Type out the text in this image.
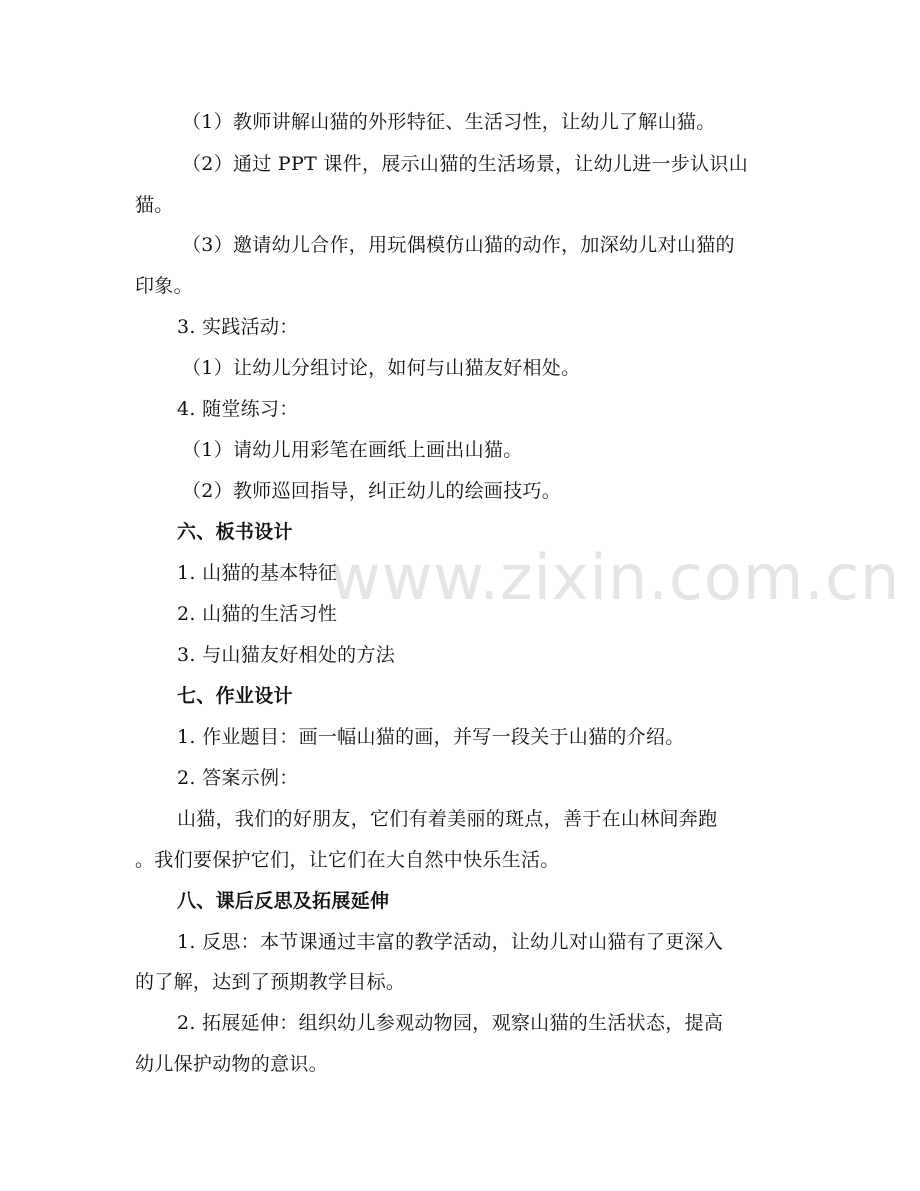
www.zixin.com.cn
（1）教师讲解山猫的外形特征、生活习性，让幼儿了解山猫。
（2）通过 PPT 课件，展示山猫的生活场景，让幼儿进一步认识山
猫。
（3）邀请幼儿合作，用玩偶模仿山猫的动作，加深幼儿对山猫的
印象。
3. 实践活动：
（1）让幼儿分组讨论，如何与山猫友好相处。
4. 随堂练习：
（1）请幼儿用彩笔在画纸上画出山猫。
（2）教师巡回指导，纠正幼儿的绘画技巧。
六、板书设计
1. 山猫的基本特征
2. 山猫的生活习性
3. 与山猫友好相处的方法
七、作业设计
1. 作业题目：画一幅山猫的画，并写一段关于山猫的介绍。
2. 答案示例：
山猫，我们的好朋友，它们有着美丽的斑点，善于在山林间奔跑
。我们要保护它们，让它们在大自然中快乐生活。
八、课后反思及拓展延伸
1. 反思：本节课通过丰富的教学活动，让幼儿对山猫有了更深入
的了解，达到了预期教学目标。
2. 拓展延伸：组织幼儿参观动物园，观察山猫的生活状态，提高
幼儿保护动物的意识。
